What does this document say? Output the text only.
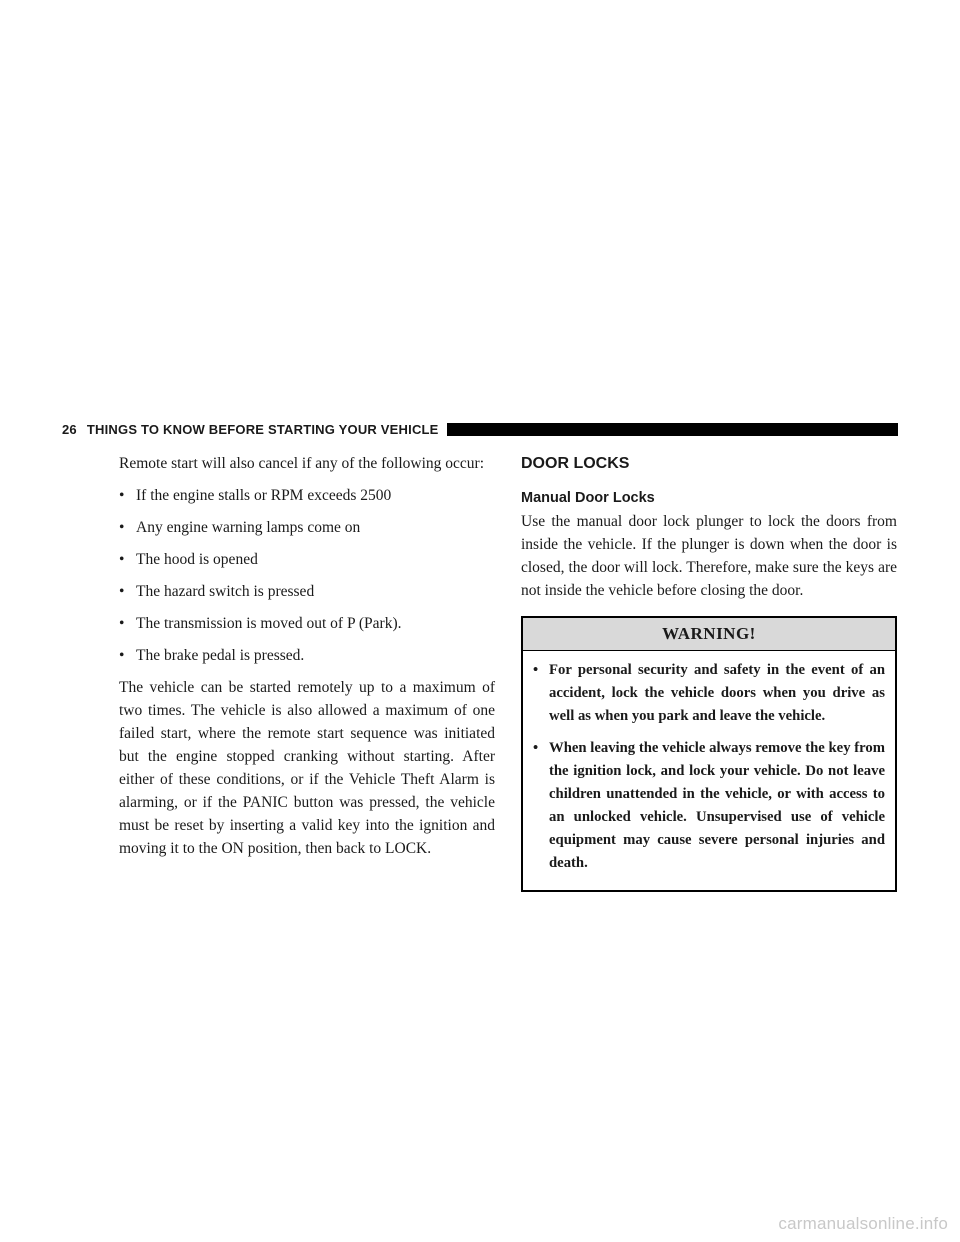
26 THINGS TO KNOW BEFORE STARTING YOUR VEHICLE

Remote start will also cancel if any of the following occur:

• If the engine stalls or RPM exceeds 2500
• Any engine warning lamps come on
• The hood is opened
• The hazard switch is pressed
• The transmission is moved out of P (Park).
• The brake pedal is pressed.

The vehicle can be started remotely up to a maximum of two times. The vehicle is also allowed a maximum of one failed start, where the remote start sequence was initiated but the engine stopped cranking without starting. After either of these conditions, or if the Vehicle Theft Alarm is alarming, or if the PANIC button was pressed, the vehicle must be reset by inserting a valid key into the ignition and moving it to the ON position, then back to LOCK.

DOOR LOCKS
Manual Door Locks

Use the manual door lock plunger to lock the doors from inside the vehicle. If the plunger is down when the door is closed, the door will lock. Therefore, make sure the keys are not inside the vehicle before closing the door.

WARNING!
• For personal security and safety in the event of an accident, lock the vehicle doors when you drive as well as when you park and leave the vehicle.
• When leaving the vehicle always remove the key from the ignition lock, and lock your vehicle. Do not leave children unattended in the vehicle, or with access to an unlocked vehicle. Unsupervised use of vehicle equipment may cause severe personal injuries and death.
carmanualsonline.info
